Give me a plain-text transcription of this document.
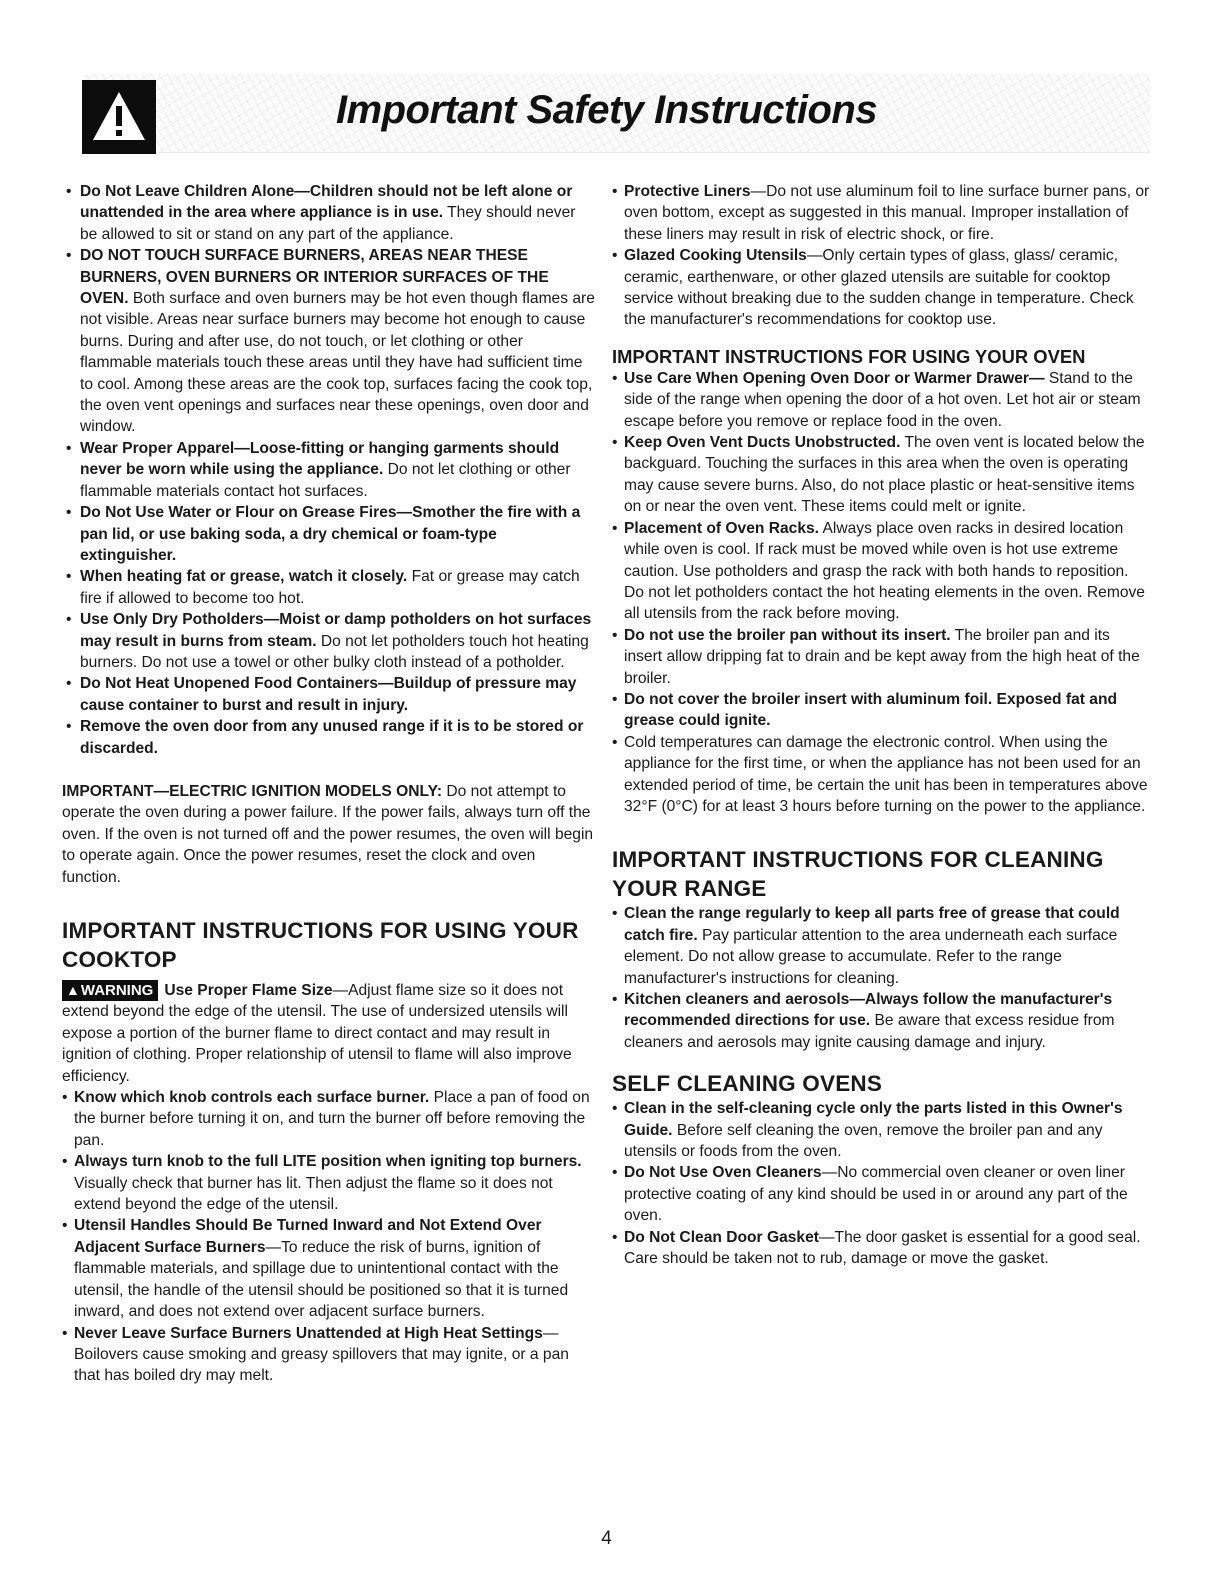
Important Safety Instructions

• Do Not Leave Children Alone—Children should not be left alone or unattended in the area where appliance is in use. They should never be allowed to sit or stand on any part of the appliance.

• DO NOT TOUCH SURFACE BURNERS, AREAS NEAR THESE BURNERS, OVEN BURNERS OR INTERIOR SURFACES OF THE OVEN. Both surface and oven burners may be hot even though flames are not visible. Areas near surface burners may become hot enough to cause burns. During and after use, do not touch, or let clothing or other flammable materials touch these areas until they have had sufficient time to cool. Among these areas are the cook top, surfaces facing the cook top, the oven vent openings and surfaces near these openings, oven door and window.

• Wear Proper Apparel—Loose-fitting or hanging garments should never be worn while using the appliance. Do not let clothing or other flammable materials contact hot surfaces.

• Do Not Use Water or Flour on Grease Fires—Smother the fire with a pan lid, or use baking soda, a dry chemical or foam-type extinguisher.

• When heating fat or grease, watch it closely. Fat or grease may catch fire if allowed to become too hot.

• Use Only Dry Potholders—Moist or damp potholders on hot surfaces may result in burns from steam. Do not let potholders touch hot heating burners. Do not use a towel or other bulky cloth instead of a potholder.

• Do Not Heat Unopened Food Containers—Buildup of pressure may cause container to burst and result in injury.

• Remove the oven door from any unused range if it is to be stored or discarded.

IMPORTANT—ELECTRIC IGNITION MODELS ONLY: Do not attempt to operate the oven during a power failure. If the power fails, always turn off the oven. If the oven is not turned off and the power resumes, the oven will begin to operate again. Once the power resumes, reset the clock and oven function.

IMPORTANT INSTRUCTIONS FOR USING YOUR COOKTOP

▲WARNING Use Proper Flame Size—Adjust flame size so it does not extend beyond the edge of the utensil. The use of undersized utensils will expose a portion of the burner flame to direct contact and may result in ignition of clothing. Proper relationship of utensil to flame will also improve efficiency.

• Know which knob controls each surface burner. Place a pan of food on the burner before turning it on, and turn the burner off before removing the pan.

• Always turn knob to the full LITE position when igniting top burners. Visually check that burner has lit. Then adjust the flame so it does not extend beyond the edge of the utensil.

• Utensil Handles Should Be Turned Inward and Not Extend Over Adjacent Surface Burners—To reduce the risk of burns, ignition of flammable materials, and spillage due to unintentional contact with the utensil, the handle of the utensil should be positioned so that it is turned inward, and does not extend over adjacent surface burners.

• Never Leave Surface Burners Unattended at High Heat Settings—Boilovers cause smoking and greasy spillovers that may ignite, or a pan that has boiled dry may melt.

• Protective Liners—Do not use aluminum foil to line surface burner pans, or oven bottom, except as suggested in this manual. Improper installation of these liners may result in risk of electric shock, or fire.

• Glazed Cooking Utensils—Only certain types of glass, glass/ ceramic, ceramic, earthenware, or other glazed utensils are suitable for cooktop service without breaking due to the sudden change in temperature. Check the manufacturer's recommendations for cooktop use.

IMPORTANT INSTRUCTIONS FOR USING YOUR OVEN

• Use Care When Opening Oven Door or Warmer Drawer— Stand to the side of the range when opening the door of a hot oven. Let hot air or steam escape before you remove or replace food in the oven.

• Keep Oven Vent Ducts Unobstructed. The oven vent is located below the backguard. Touching the surfaces in this area when the oven is operating may cause severe burns. Also, do not place plastic or heat-sensitive items on or near the oven vent. These items could melt or ignite.

• Placement of Oven Racks. Always place oven racks in desired location while oven is cool. If rack must be moved while oven is hot use extreme caution. Use potholders and grasp the rack with both hands to reposition. Do not let potholders contact the hot heating elements in the oven. Remove all utensils from the rack before moving.

• Do not use the broiler pan without its insert. The broiler pan and its insert allow dripping fat to drain and be kept away from the high heat of the broiler.

• Do not cover the broiler insert with aluminum foil. Exposed fat and grease could ignite.

• Cold temperatures can damage the electronic control. When using the appliance for the first time, or when the appliance has not been used for an extended period of time, be certain the unit has been in temperatures above 32°F (0°C) for at least 3 hours before turning on the power to the appliance.

IMPORTANT INSTRUCTIONS FOR CLEANING YOUR RANGE

• Clean the range regularly to keep all parts free of grease that could catch fire. Pay particular attention to the area underneath each surface element. Do not allow grease to accumulate. Refer to the range manufacturer's instructions for cleaning.

• Kitchen cleaners and aerosols—Always follow the manufacturer's recommended directions for use. Be aware that excess residue from cleaners and aerosols may ignite causing damage and injury.

SELF CLEANING OVENS

• Clean in the self-cleaning cycle only the parts listed in this Owner's Guide. Before self cleaning the oven, remove the broiler pan and any utensils or foods from the oven.

• Do Not Use Oven Cleaners—No commercial oven cleaner or oven liner protective coating of any kind should be used in or around any part of the oven.

• Do Not Clean Door Gasket—The door gasket is essential for a good seal. Care should be taken not to rub, damage or move the gasket.

4
